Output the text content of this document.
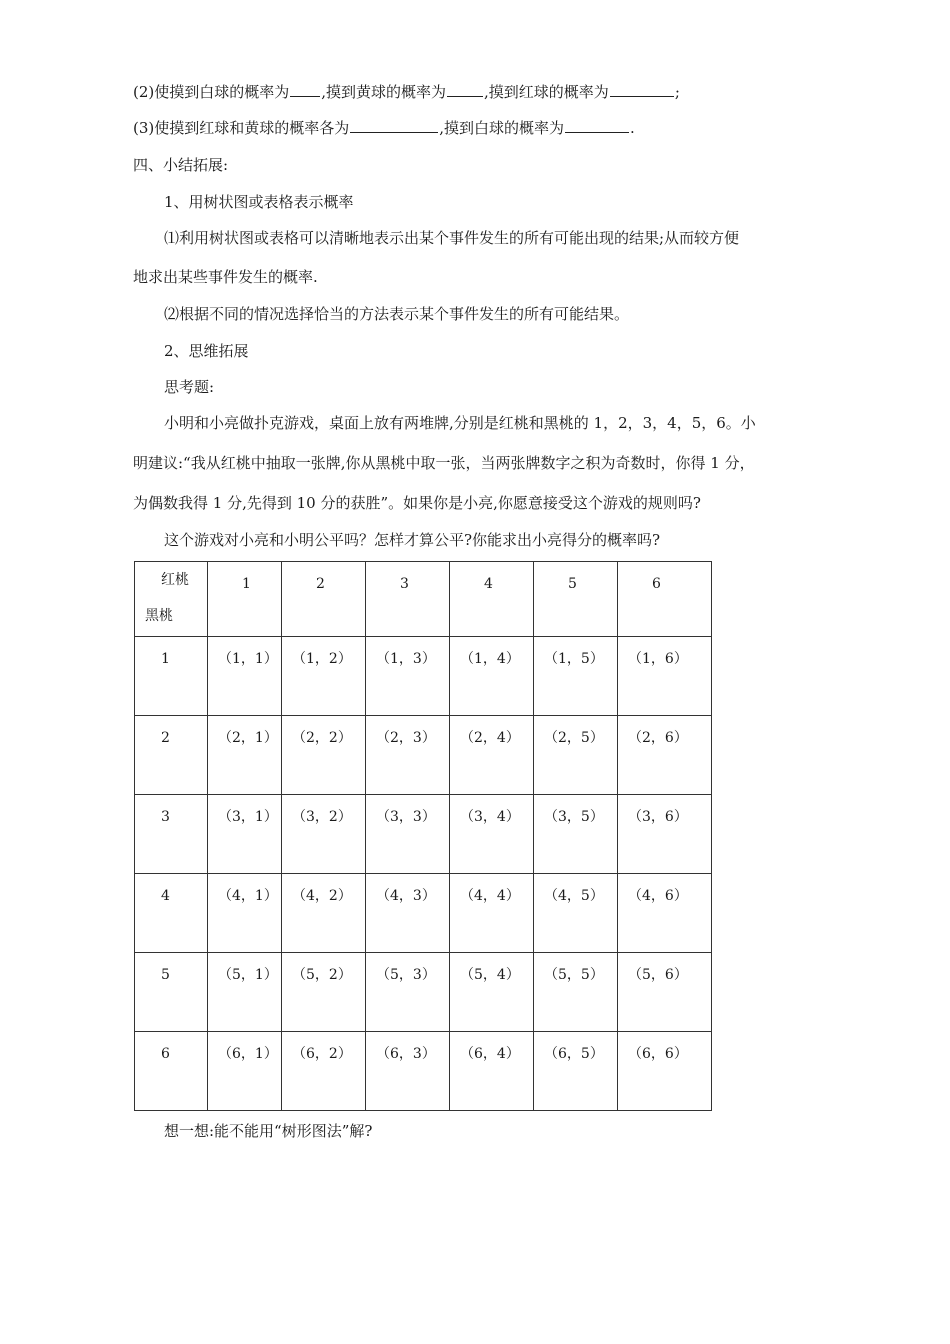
(2)使摸到白球的概率为 ,摸到黄球的概率为	,摸到红球的概率为	;
(3)使摸到红球和黄球的概率各为	,摸到白球的概率为	.
四、小结拓展:
1、用树状图或表格表示概率
⑴利用树状图或表格可以清晰地表示出某个事件发生的所有可能出现的结果;从而较方便
地求出某些事件发生的概率.
⑵根据不同的情况选择恰当的方法表示某个事件发生的所有可能结果。
2、思维拓展
思考题:
小明和小亮做扑克游戏，桌面上放有两堆牌,分别是红桃和黑桃的 1，2，3，4，5，6。小
明建议:“我从红桃中抽取一张牌,你从黑桃中取一张，当两张牌数字之积为奇数时，你得 1 分，
为偶数我得 1 分,先得到 10 分的获胜”。如果你是小亮,你愿意接受这个游戏的规则吗?
这个游戏对小亮和小明公平吗？怎样才算公平?你能求出小亮得分的概率吗?
红桃
黑桃	1	2	3	4	5	6

1	（1，1）	（1，2）	（1，3）	（1，4）	（1，5）	（1，6）

2	（2，1）	（2，2）	（2，3）	（2，4）	（2，5）	（2，6）

3	（3，1）	（3，2）	（3，3）	（3，4）	（3，5）	（3，6）

4	（4，1）	（4，2）	（4，3）	（4，4）	（4，5）	（4，6）

5	（5，1）	（5，2）	（5，3）	（5，4）	（5，5）	（5，6）

6	（6，1）	（6，2）	（6，3）	（6，4）	（6，5）	（6，6）
想一想:能不能用“树形图法”解?
